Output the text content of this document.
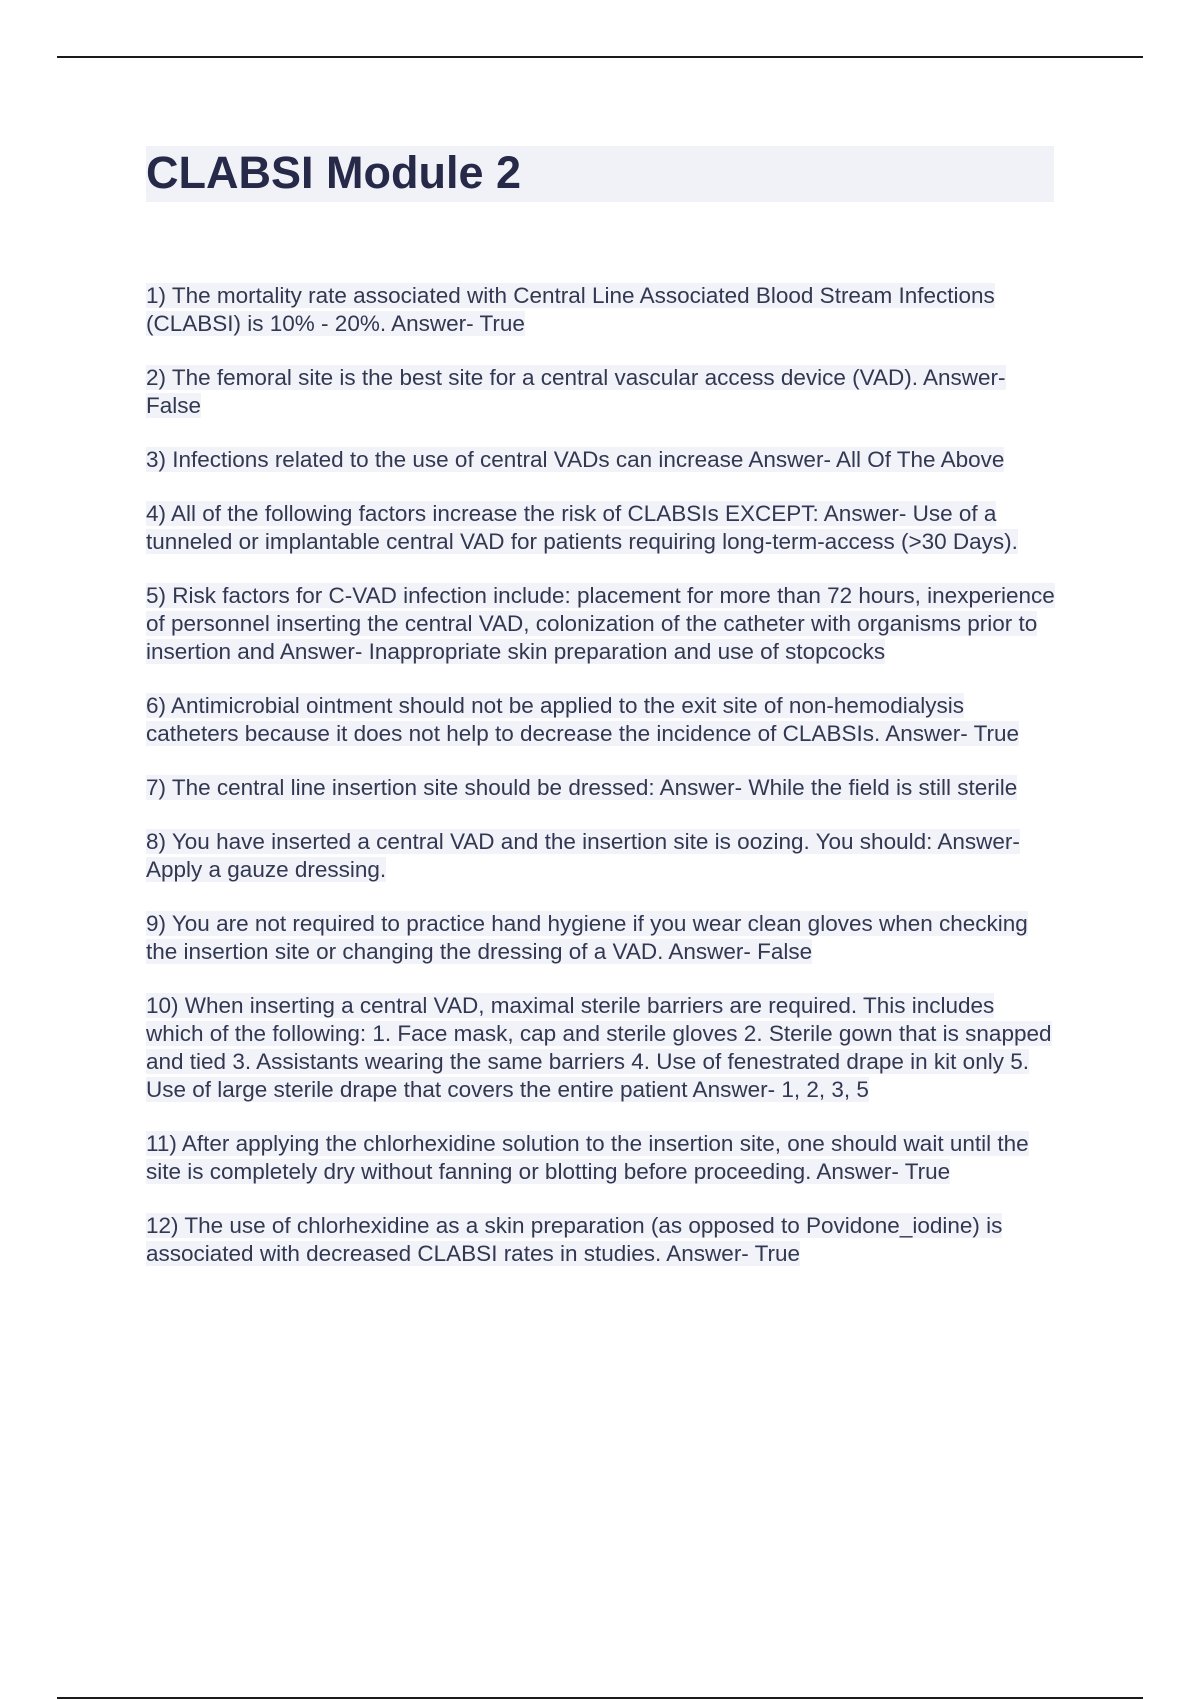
CLABSI Module 2
1) The mortality rate associated with Central Line Associated Blood Stream Infections (CLABSI) is 10% - 20%. Answer- True
2) The femoral site is the best site for a central vascular access device (VAD). Answer- False
3) Infections related to the use of central VADs can increase Answer- All Of The Above
4) All of the following factors increase the risk of CLABSIs EXCEPT: Answer- Use of a tunneled or implantable central VAD for patients requiring long-term-access (>30 Days).
5) Risk factors for C-VAD infection include: placement for more than 72 hours, inexperience of personnel inserting the central VAD, colonization of the catheter with organisms prior to insertion and Answer- Inappropriate skin preparation and use of stopcocks
6) Antimicrobial ointment should not be applied to the exit site of non-hemodialysis catheters because it does not help to decrease the incidence of CLABSIs. Answer- True
7) The central line insertion site should be dressed: Answer- While the field is still sterile
8) You have inserted a central VAD and the insertion site is oozing. You should: Answer- Apply a gauze dressing.
9) You are not required to practice hand hygiene if you wear clean gloves when checking the insertion site or changing the dressing of a VAD. Answer- False
10) When inserting a central VAD, maximal sterile barriers are required. This includes which of the following: 1. Face mask, cap and sterile gloves 2. Sterile gown that is snapped and tied 3. Assistants wearing the same barriers 4. Use of fenestrated drape in kit only 5. Use of large sterile drape that covers the entire patient Answer- 1, 2, 3, 5
11) After applying the chlorhexidine solution to the insertion site, one should wait until the site is completely dry without fanning or blotting before proceeding. Answer- True
12) The use of chlorhexidine as a skin preparation (as opposed to Povidone_iodine) is associated with decreased CLABSI rates in studies. Answer- True
